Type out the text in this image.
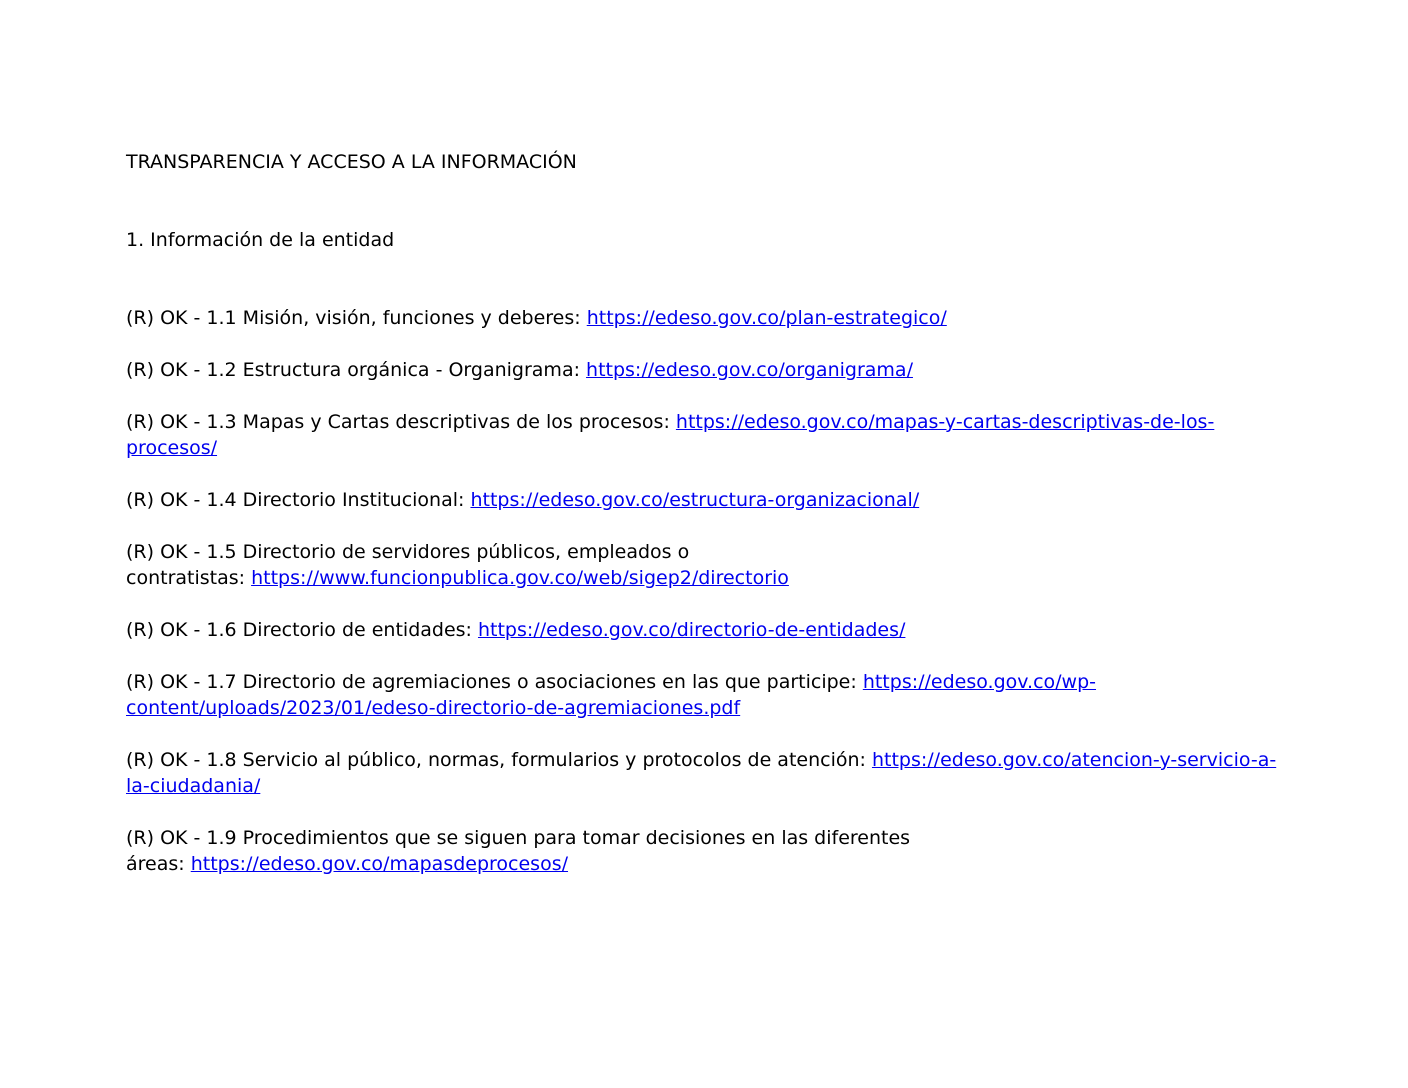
TRANSPARENCIA Y ACCESO A LA INFORMACIÓN
1. Información de la entidad

(R) OK - 1.1 Misión, visión, funciones y deberes: https://edeso.gov.co/plan-estrategico/

(R) OK - 1.2 Estructura orgánica - Organigrama: https://edeso.gov.co/organigrama/

(R) OK - 1.3 Mapas y Cartas descriptivas de los procesos: https://edeso.gov.co/mapas-y-cartas-descriptivas-de-los-procesos/

(R) OK - 1.4 Directorio Institucional: https://edeso.gov.co/estructura-organizacional/

(R) OK - 1.5 Directorio de servidores públicos, empleados o
contratistas: https://www.funcionpublica.gov.co/web/sigep2/directorio

(R) OK - 1.6 Directorio de entidades: https://edeso.gov.co/directorio-de-entidades/

(R) OK - 1.7 Directorio de agremiaciones o asociaciones en las que participe: https://edeso.gov.co/wp-content/uploads/2023/01/edeso-directorio-de-agremiaciones.pdf

(R) OK - 1.8 Servicio al público, normas, formularios y protocolos de atención: https://edeso.gov.co/atencion-y-servicio-a-la-ciudadania/

(R) OK - 1.9 Procedimientos que se siguen para tomar decisiones en las diferentes
áreas: https://edeso.gov.co/mapasdeprocesos/
